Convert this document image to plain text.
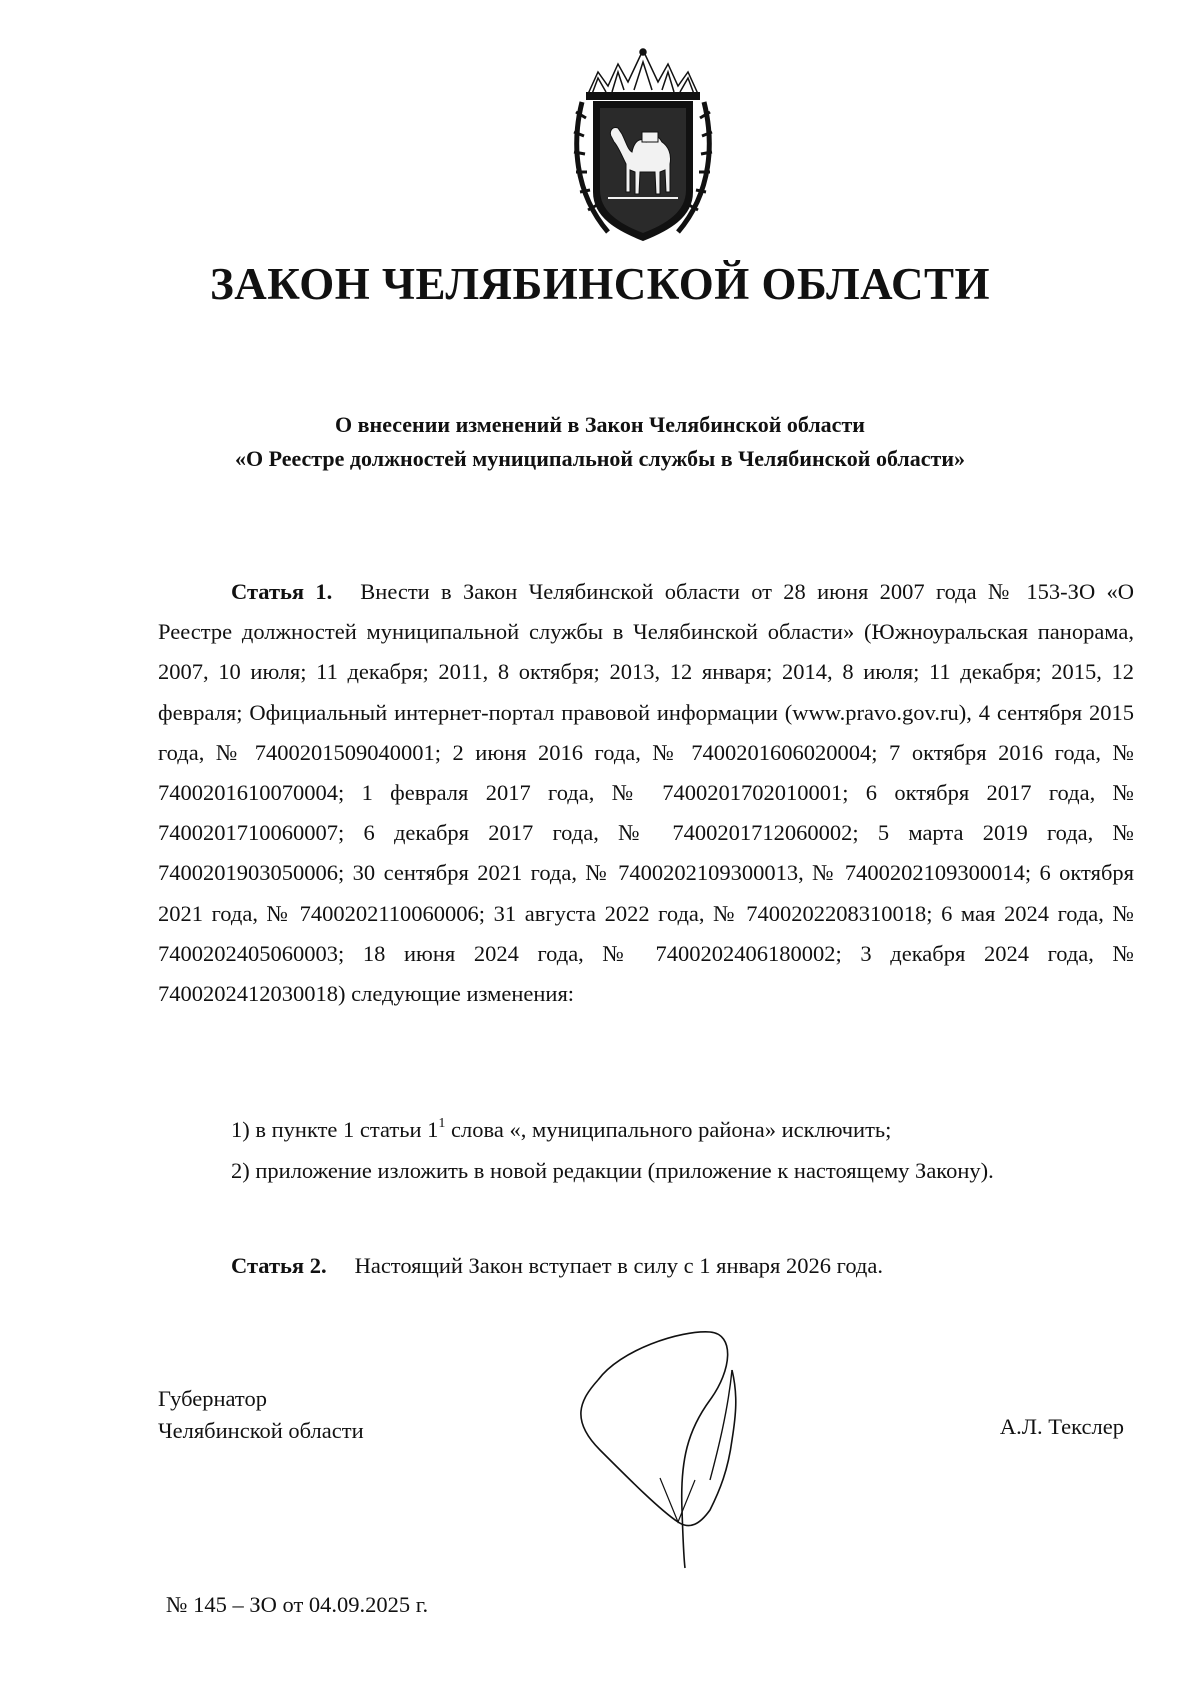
ЗАКОН ЧЕЛЯБИНСКОЙ ОБЛАСТИ
О внесении изменений в Закон Челябинской области
«О Реестре должностей муниципальной службы в Челябинской области»

Статья 1. Внести в Закон Челябинской области от 28 июня 2007 года № 153-ЗО «О Реестре должностей муниципальной службы в Челябинской области» (Южноуральская панорама, 2007, 10 июля; 11 декабря; 2011, 8 октября; 2013, 12 января; 2014, 8 июля; 11 декабря; 2015, 12 февраля; Официальный интернет-портал правовой информации (www.pravo.gov.ru), 4 сентября 2015 года, № 7400201509040001; 2 июня 2016 года, № 7400201606020004; 7 октября 2016 года, № 7400201610070004; 1 февраля 2017 года, № 7400201702010001; 6 октября 2017 года, № 7400201710060007; 6 декабря 2017 года, № 7400201712060002; 5 марта 2019 года, № 7400201903050006; 30 сентября 2021 года, № 7400202109300013, № 7400202109300014; 6 октября 2021 года, № 7400202110060006; 31 августа 2022 года, № 7400202208310018; 6 мая 2024 года, № 7400202405060003; 18 июня 2024 года, № 7400202406180002; 3 декабря 2024 года, № 7400202412030018) следующие изменения:

1) в пункте 1 статьи $1^1$ слова «, муниципального района» исключить;
2) приложение изложить в новой редакции (приложение к настоящему Закону).
Статья 2. Настоящий Закон вступает в силу с 1 января 2026 года.
Губернатор
Челябинской области	А.Л. Текслер
№ 145 – ЗО от 04.09.2025 г.
